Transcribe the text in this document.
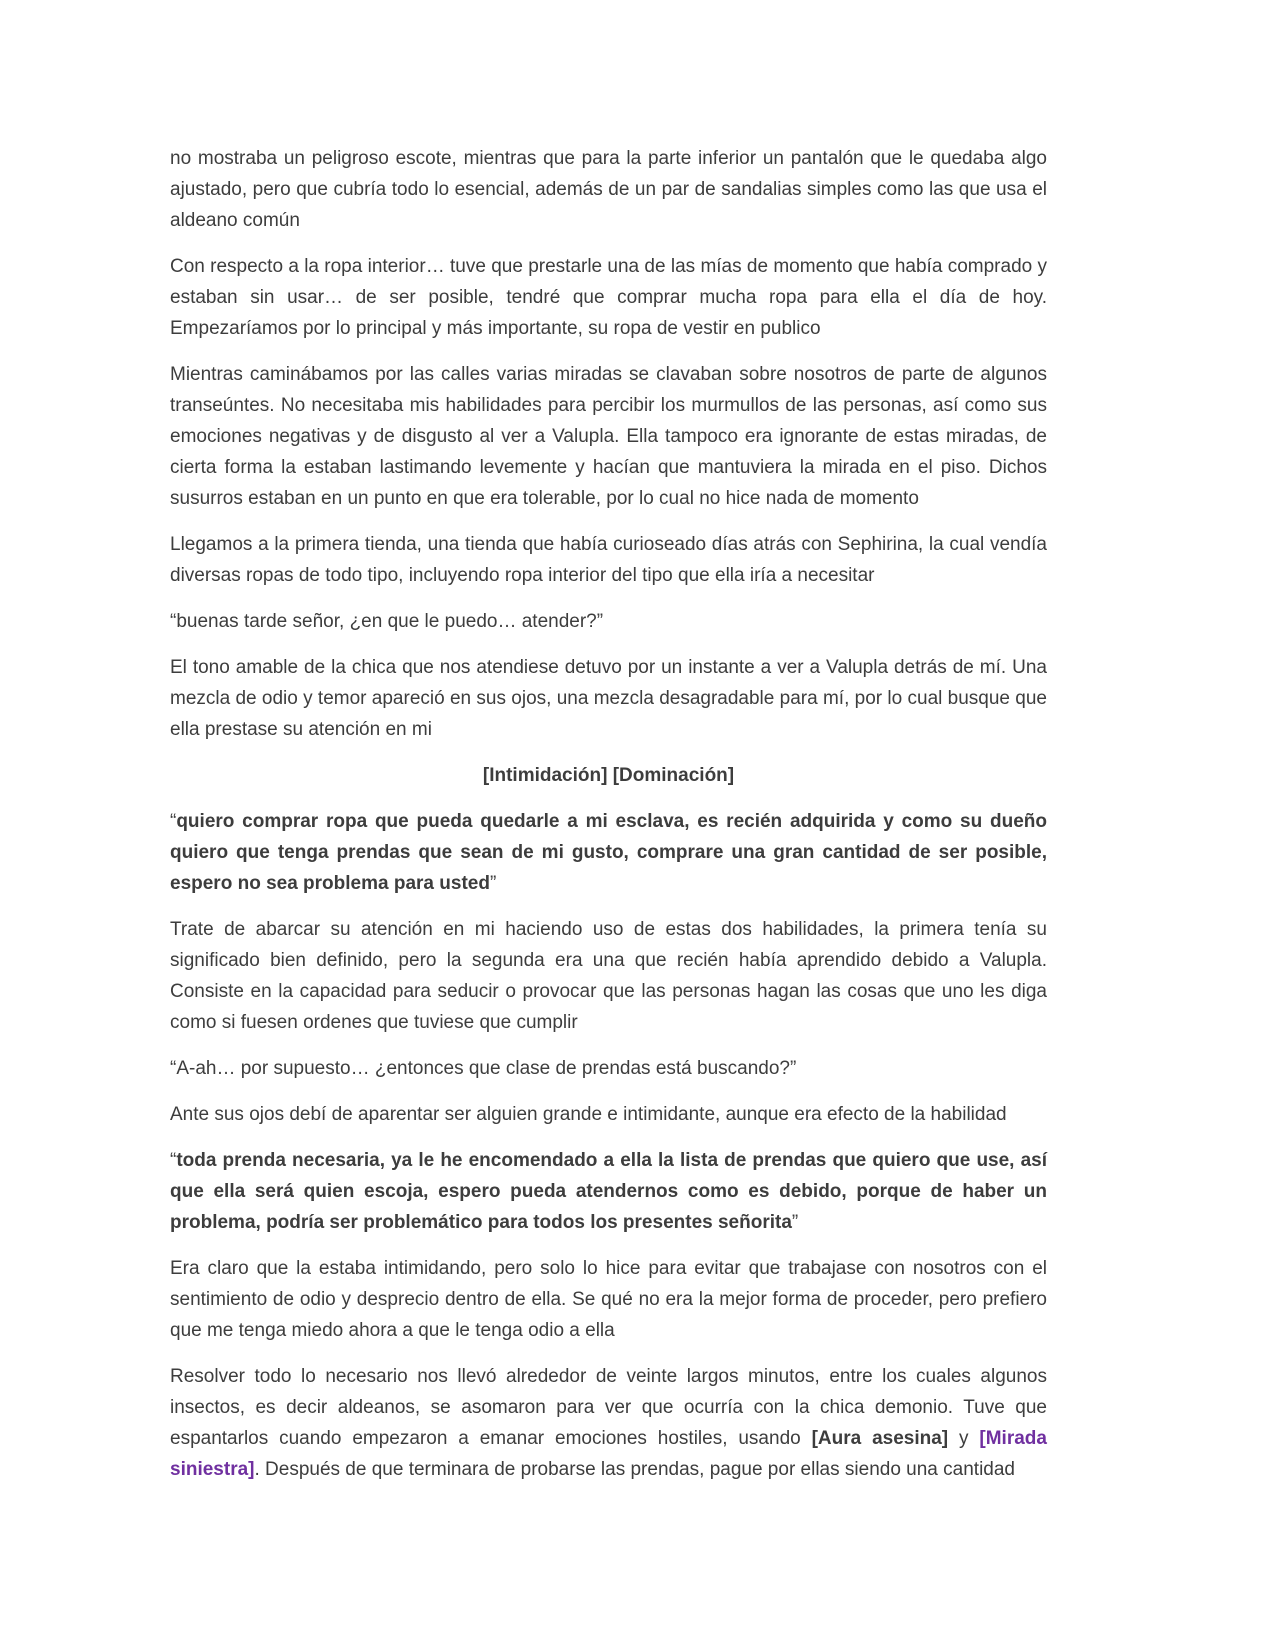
no mostraba un peligroso escote, mientras que para la parte inferior un pantalón que le quedaba algo ajustado, pero que cubría todo lo esencial, además de un par de sandalias simples como las que usa el aldeano común

Con respecto a la ropa interior… tuve que prestarle una de las mías de momento que había comprado y estaban sin usar… de ser posible, tendré que comprar mucha ropa para ella el día de hoy. Empezaríamos por lo principal y más importante, su ropa de vestir en publico

Mientras caminábamos por las calles varias miradas se clavaban sobre nosotros de parte de algunos transeúntes. No necesitaba mis habilidades para percibir los murmullos de las personas, así como sus emociones negativas y de disgusto al ver a Valupla. Ella tampoco era ignorante de estas miradas, de cierta forma la estaban lastimando levemente y hacían que mantuviera la mirada en el piso. Dichos susurros estaban en un punto en que era tolerable, por lo cual no hice nada de momento

Llegamos a la primera tienda, una tienda que había curioseado días atrás con Sephirina, la cual vendía diversas ropas de todo tipo, incluyendo ropa interior del tipo que ella iría a necesitar

“buenas tarde señor, ¿en que le puedo… atender?”

El tono amable de la chica que nos atendiese detuvo por un instante a ver a Valupla detrás de mí. Una mezcla de odio y temor apareció en sus ojos, una mezcla desagradable para mí, por lo cual busque que ella prestase su atención en mi

[Intimidación] [Dominación]

“quiero comprar ropa que pueda quedarle a mi esclava, es recién adquirida y como su dueño quiero que tenga prendas que sean de mi gusto, comprare una gran cantidad de ser posible, espero no sea problema para usted”

Trate de abarcar su atención en mi haciendo uso de estas dos habilidades, la primera tenía su significado bien definido, pero la segunda era una que recién había aprendido debido a Valupla. Consiste en la capacidad para seducir o provocar que las personas hagan las cosas que uno les diga como si fuesen ordenes que tuviese que cumplir

“A-ah… por supuesto… ¿entonces que clase de prendas está buscando?”

Ante sus ojos debí de aparentar ser alguien grande e intimidante, aunque era efecto de la habilidad

“toda prenda necesaria, ya le he encomendado a ella la lista de prendas que quiero que use, así que ella será quien escoja, espero pueda atendernos como es debido, porque de haber un problema, podría ser problemático para todos los presentes señorita”

Era claro que la estaba intimidando, pero solo lo hice para evitar que trabajase con nosotros con el sentimiento de odio y desprecio dentro de ella. Se qué no era la mejor forma de proceder, pero prefiero que me tenga miedo ahora a que le tenga odio a ella

Resolver todo lo necesario nos llevó alrededor de veinte largos minutos, entre los cuales algunos insectos, es decir aldeanos, se asomaron para ver que ocurría con la chica demonio. Tuve que espantarlos cuando empezaron a emanar emociones hostiles, usando [Aura asesina] y [Mirada siniestra]. Después de que terminara de probarse las prendas, pague por ellas siendo una cantidad
